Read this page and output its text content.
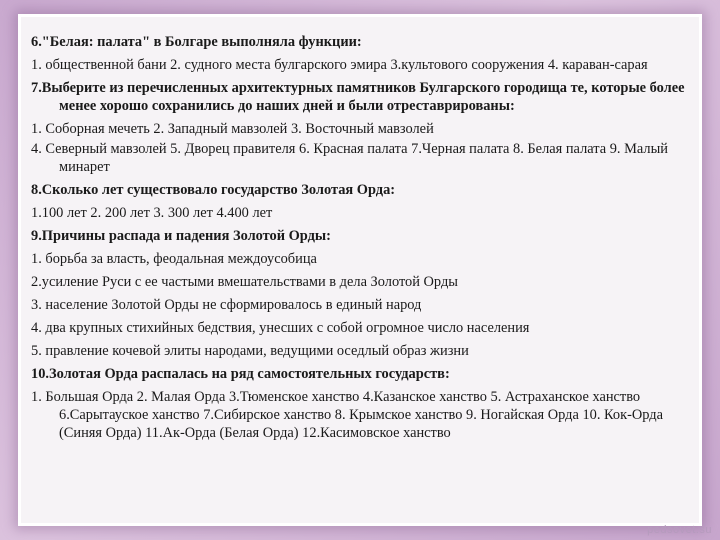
6."Белая: палата" в Болгаре выполняла функции:

1. общественной бани 2. судного места булгарского эмира 3.культового сооружения 4. караван-сарая

7.Выберите из перечисленных архитектурных памятников Булгарского городища те, которые более менее хорошо сохранились до наших дней и были отреставрированы:

1. Соборная мечеть 2. Западный мавзолей 3. Восточный мавзолей

4. Северный мавзолей 5. Дворец правителя 6. Красная палата 7.Черная палата 8. Белая палата 9. Малый минарет

8.Сколько лет существовало государство Золотая Орда:

1.100 лет 2. 200 лет 3. 300 лет 4.400 лет

9.Причины распада и падения Золотой Орды:

1. борьба за власть, феодальная междоусобица

2.усиление Руси с ее частыми вмешательствами в дела Золотой Орды

3. население Золотой Орды не сформировалось в единый народ

4. два крупных стихийных бедствия, унесших с собой огромное число населения

5. правление кочевой элиты народами, ведущими оседлый образ жизни

10.Золотая Орда распалась на ряд самостоятельных государств:

1. Большая Орда 2. Малая Орда 3.Тюменское ханство 4.Казанское ханство 5. Астраханское ханство 6.Сарытауское ханство 7.Сибирское ханство 8. Крымское ханство 9. Ногайская Орда 10. Кок-Орда (Синяя Орда) 11.Ак-Орда (Белая Орда) 12.Касимовское ханство

pedsovet.su
